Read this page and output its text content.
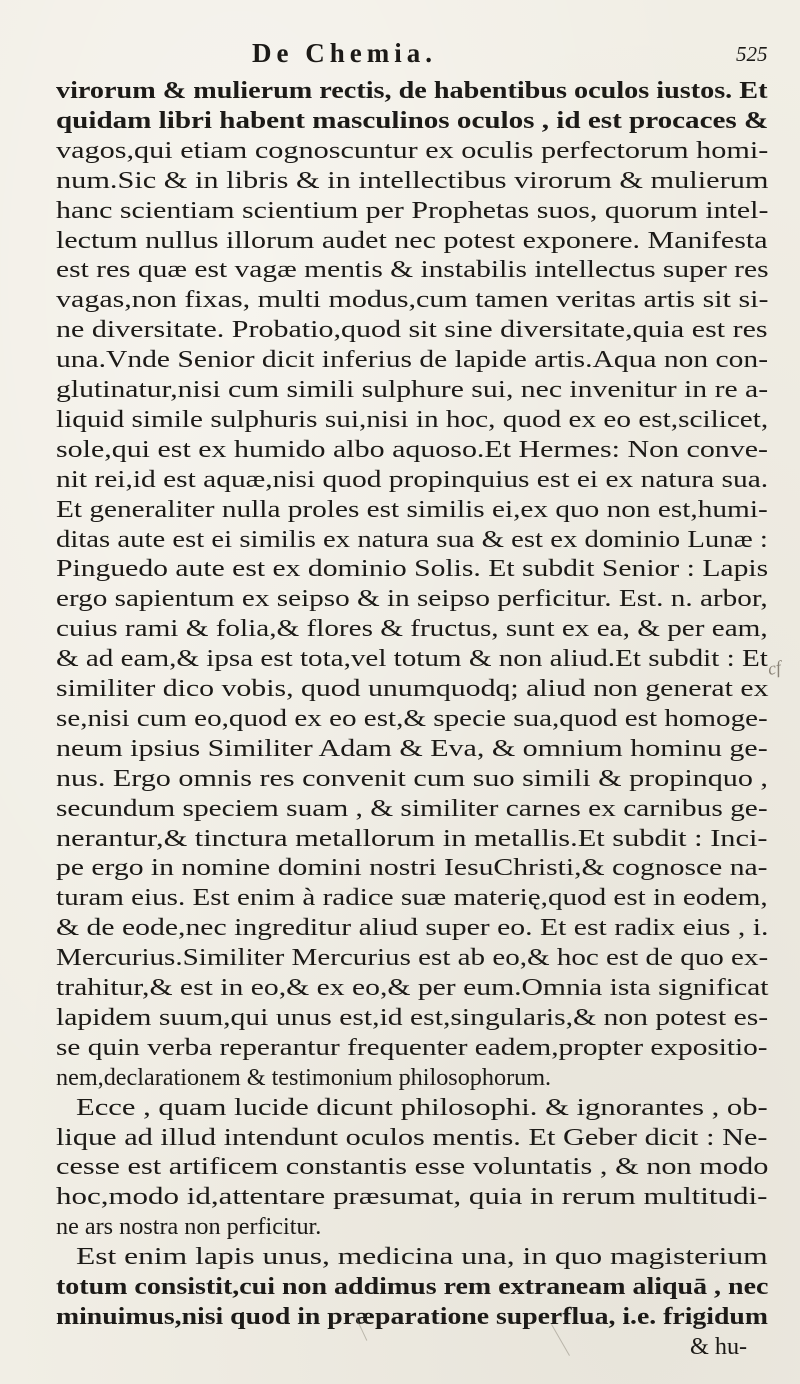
De Chemia.	525
virorum & mulierum rectis, de habentibus oculos iustos. Et
quidam libri habent masculinos oculos , id est procaces &
vagos,qui etiam cognoscuntur ex oculis perfectorum homi-
num.Sic & in libris & in intellectibus virorum & mulierum
hanc scientiam scientium per Prophetas suos, quorum intel-
lectum nullus illorum audet nec potest exponere. Manifesta
est res quæ est vagæ mentis & instabilis intellectus super res
vagas,non fixas, multi modus,cum tamen veritas artis sit si-
ne diversitate. Probatio,quod sit sine diversitate,quia est res
una.Vnde Senior dicit inferius de lapide artis.Aqua non con-
glutinatur,nisi cum simili sulphure sui, nec invenitur in re a-
liquid simile sulphuris sui,nisi in hoc, quod ex eo est,scilicet,
sole,qui est ex humido albo aquoso.Et Hermes: Non conve-
nit rei,id est aquæ,nisi quod propinquius est ei ex natura sua.
Et generaliter nulla proles est similis ei,ex quo non est,humi-
ditas aute est ei similis ex natura sua & est ex dominio Lunæ :
Pinguedo aute est ex dominio Solis. Et subdit Senior : Lapis
ergo sapientum ex seipso & in seipso perficitur. Est. n. arbor,
cuius rami & folia,& flores & fructus, sunt ex ea, & per eam,
& ad eam,& ipsa est tota,vel totum & non aliud.Et subdit : Et
similiter dico vobis, quod unumquodq; aliud non generat ex
se,nisi cum eo,quod ex eo est,& specie sua,quod est homoge-
neum ipsius Similiter Adam & Eva, & omnium hominu ge-
nus. Ergo omnis res convenit cum suo simili & propinquo ,
secundum speciem suam , & similiter carnes ex carnibus ge-
nerantur,& tinctura metallorum in metallis.Et subdit : Inci-
pe ergo in nomine domini nostri IesuChristi,& cognosce na-
turam eius. Est enim à radice suæ materię,quod est in eodem,
& de eode,nec ingreditur aliud super eo. Et est radix eius , i.
Mercurius.Similiter Mercurius est ab eo,& hoc est de quo ex-
trahitur,& est in eo,& ex eo,& per eum.Omnia ista significat
lapidem suum,qui unus est,id est,singularis,& non potest es-
se quin verba reperantur frequenter eadem,propter expositio-
nem,declarationem & testimonium philosophorum.
Ecce , quam lucide dicunt philosophi. & ignorantes , ob-
lique ad illud intendunt oculos mentis. Et Geber dicit : Ne-
cesse est artificem constantis esse voluntatis , & non modo
hoc,modo id,attentare præsumat, quia in rerum multitudi-
ne ars nostra non perficitur.
Est enim lapis unus, medicina una, in quo magisterium
totum consistit,cui non addimus rem extraneam aliquā , nec
minuimus,nisi quod in præparatione superflua, i.e. frigidum
& hu-
cf
